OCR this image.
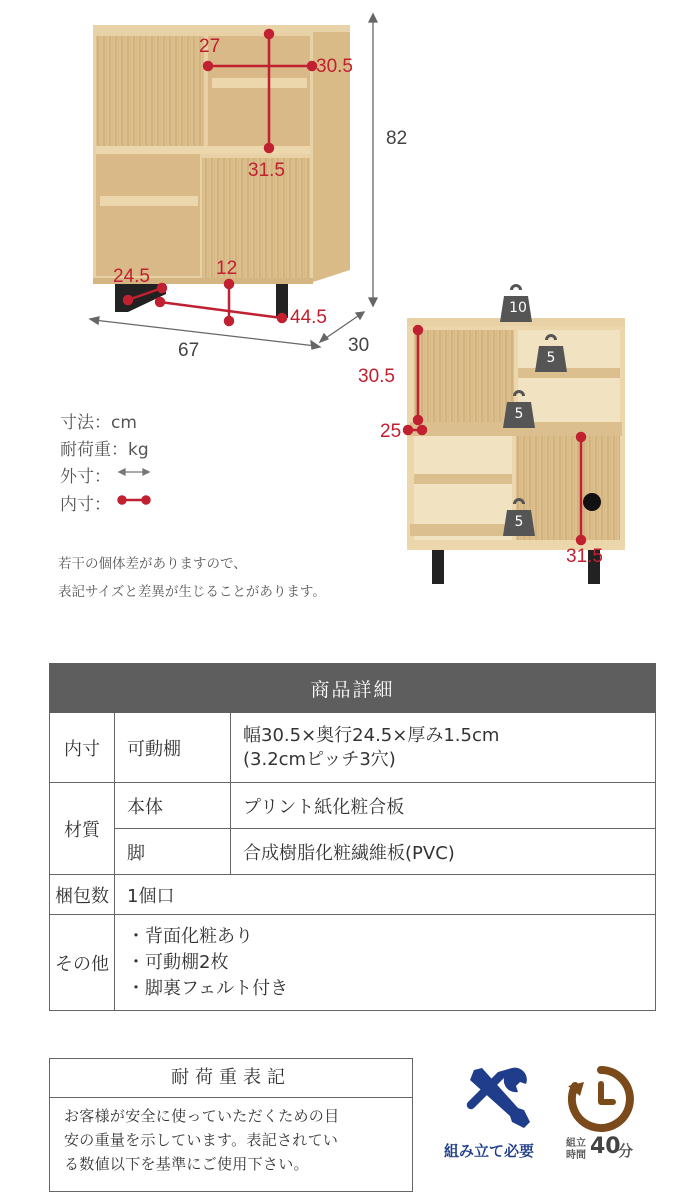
27
30.5
31.5
24.5	12
44.5
82
67	30
30.5
25
31.5
10
5
5
5
寸法：cm
耐荷重：kg
外寸：
内寸：
若干の個体差がありますので、
表記サイズと差異が生じることがあります。
商品詳細		
内寸	可動棚	幅30.5×奥行24.5×厚み1.5cm
(3.2cmピッチ3穴)

材質	本体	プリント紙化粧合板
	脚	合成樹脂化粧繊維板(PVC)
梱包数	1個口	
その他	・背面化粧あり
・可動棚2枚
・脚裏フェルト付き	
耐荷重表記
お客様が安全に使っていただくための目
安の重量を示しています。表記されてい
る数値以下を基準にご使用下さい。
組み立て必要	組立
時間 40
分
